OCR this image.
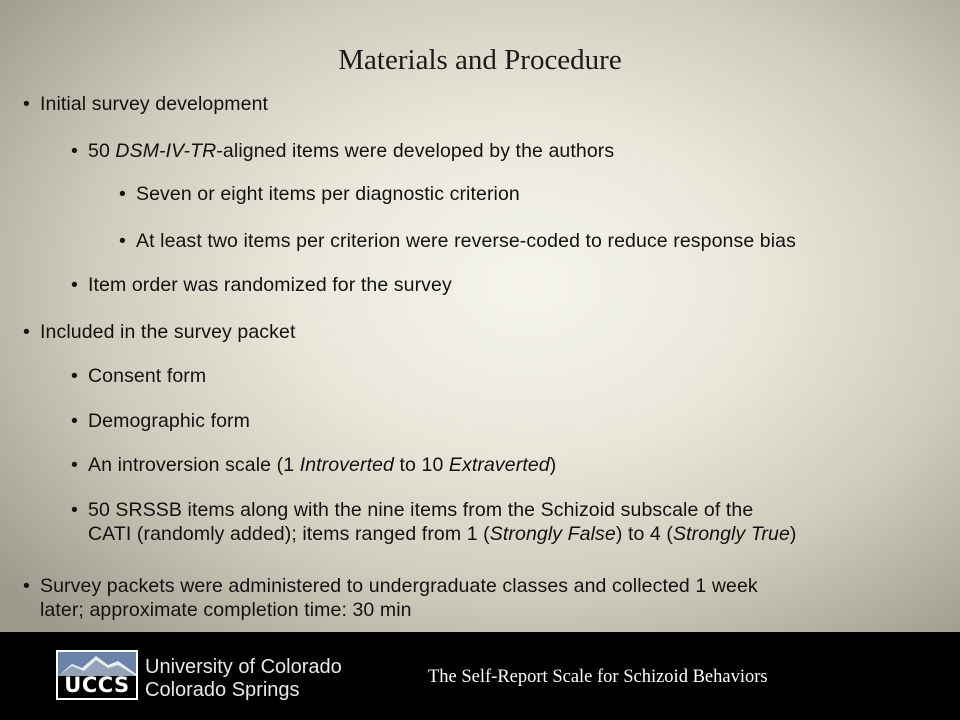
Materials and Procedure
• Initial survey development
• 50 DSM-IV-TR-aligned items were developed by the authors
• Seven or eight items per diagnostic criterion
• At least two items per criterion were reverse-coded to reduce response bias
• Item order was randomized for the survey
• Included in the survey packet
• Consent form
• Demographic form
• An introversion scale (1 Introverted to 10 Extraverted)
• 50 SRSSB items along with the nine items from the Schizoid subscale of the
CATI (randomly added); items ranged from 1 (Strongly False) to 4 (Strongly True)
• Survey packets were administered to undergraduate classes and collected 1 week
later; approximate completion time: 30 min
UCCS
University of Colorado
Colorado Springs
The Self-Report Scale for Schizoid Behaviors
